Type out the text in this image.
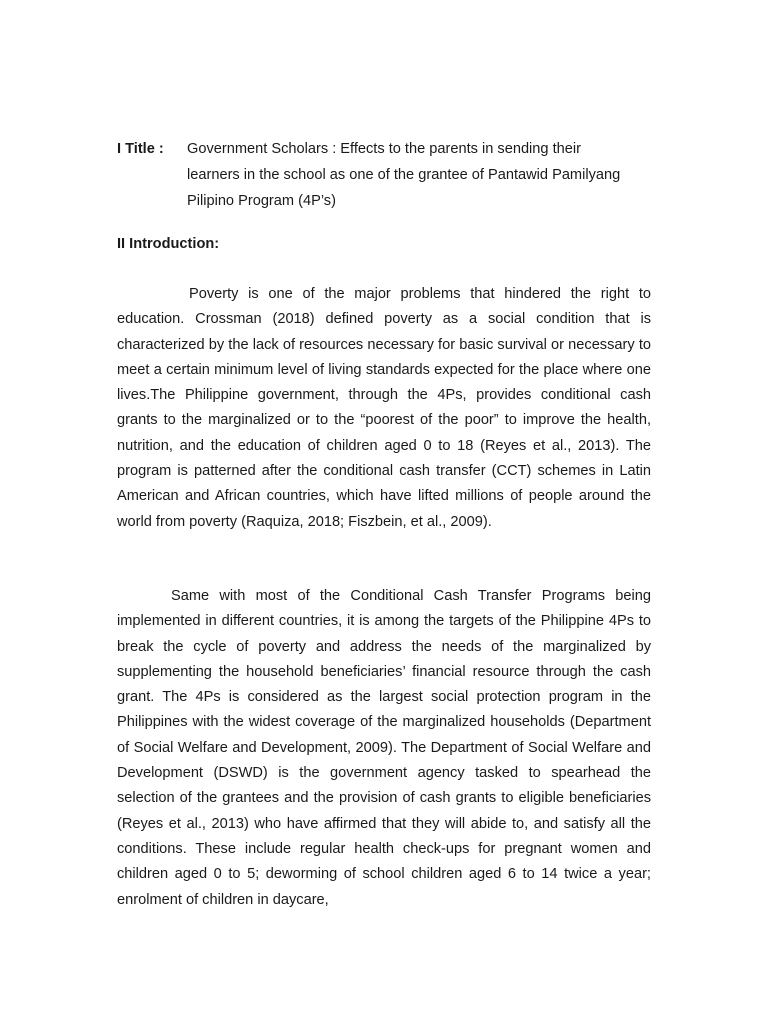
I Title :	Government Scholars : Effects to the parents in sending their
learners in the school as one of the grantee of Pantawid Pamilyang
Pilipino Program (4P’s)
II Introduction:

Poverty is one of the major problems that hindered the right to education. Crossman (2018) defined poverty as a social condition that is characterized by the lack of resources necessary for basic survival or necessary to meet a certain minimum level of living standards expected for the place where one lives.The Philippine government, through the 4Ps, provides conditional cash grants to the marginalized or to the “poorest of the poor” to improve the health, nutrition, and the education of children aged 0 to 18 (Reyes et al., 2013). The program is patterned after the conditional cash transfer (CCT) schemes in Latin American and African countries, which have lifted millions of people around the world from poverty (Raquiza, 2018; Fiszbein, et al., 2009).

Same with most of the Conditional Cash Transfer Programs being implemented in different countries, it is among the targets of the Philippine 4Ps to break the cycle of poverty and address the needs of the marginalized by supplementing the household beneficiaries’ financial resource through the cash grant. The 4Ps is considered as the largest social protection program in the Philippines with the widest coverage of the marginalized households (Department of Social Welfare and Development, 2009). The Department of Social Welfare and Development (DSWD) is the government agency tasked to spearhead the selection of the grantees and the provision of cash grants to eligible beneficiaries (Reyes et al., 2013) who have affirmed that they will abide to, and satisfy all the conditions. These include regular health check-ups for pregnant women and children aged 0 to 5; deworming of school children aged 6 to 14 twice a year; enrolment of children in daycare,
